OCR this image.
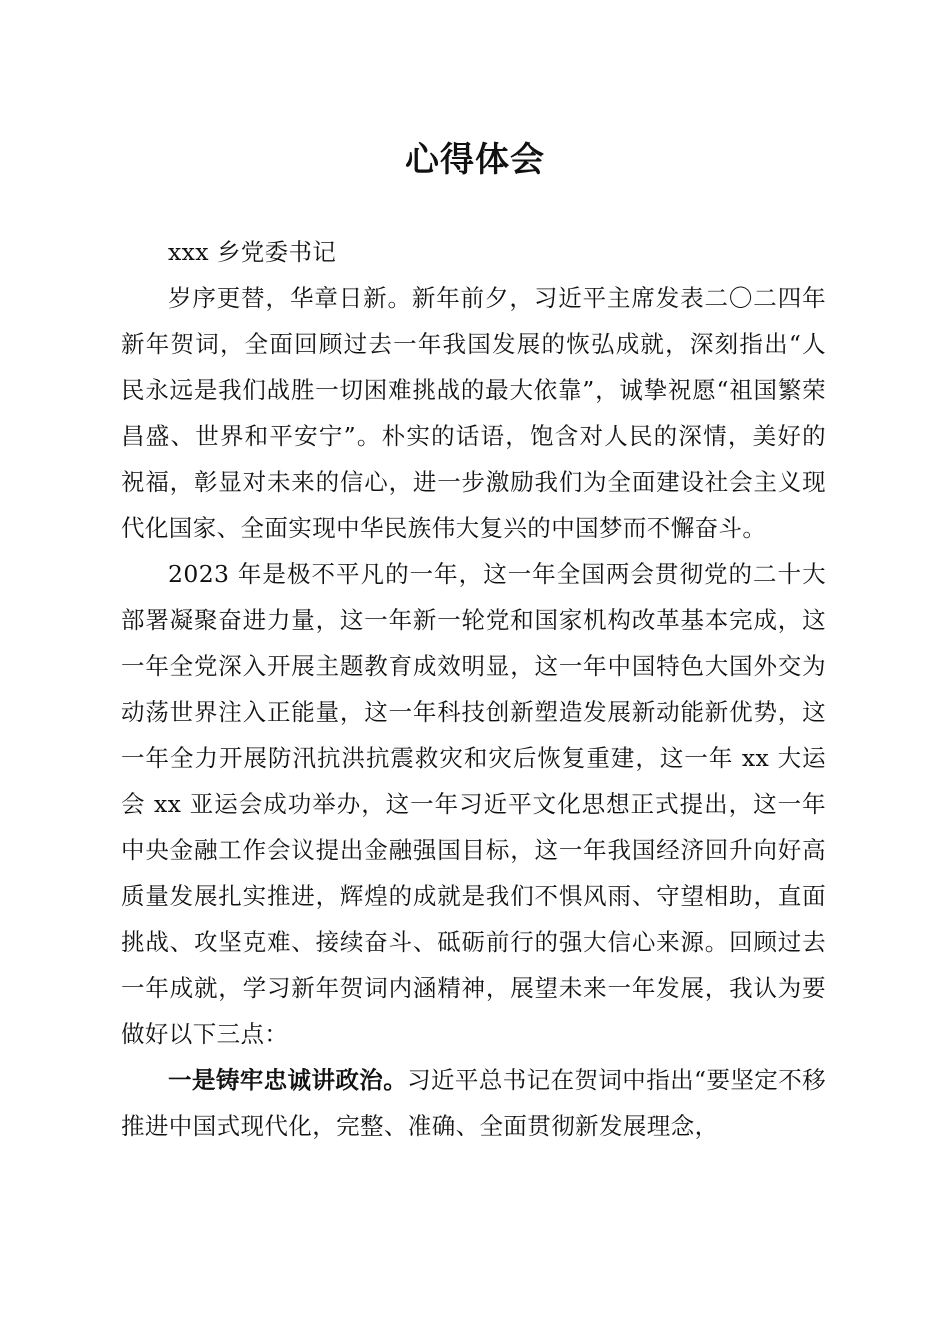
心得体会

xxx 乡党委书记

岁序更替，华章日新。新年前夕，习近平主席发表二〇二四年新年贺词，全面回顾过去一年我国发展的恢弘成就，深刻指出“人民永远是我们战胜一切困难挑战的最大依靠”，诚挚祝愿“祖国繁荣昌盛、世界和平安宁”。朴实的话语，饱含对人民的深情，美好的祝福，彰显对未来的信心，进一步激励我们为全面建设社会主义现代化国家、全面实现中华民族伟大复兴的中国梦而不懈奋斗。

2023 年是极不平凡的一年，这一年全国两会贯彻党的二十大部署凝聚奋进力量，这一年新一轮党和国家机构改革基本完成，这一年全党深入开展主题教育成效明显，这一年中国特色大国外交为动荡世界注入正能量，这一年科技创新塑造发展新动能新优势，这一年全力开展防汛抗洪抗震救灾和灾后恢复重建，这一年 xx 大运会 xx 亚运会成功举办，这一年习近平文化思想正式提出，这一年中央金融工作会议提出金融强国目标，这一年我国经济回升向好高质量发展扎实推进，辉煌的成就是我们不惧风雨、守望相助，直面挑战、攻坚克难、接续奋斗、砥砺前行的强大信心来源。回顾过去一年成就，学习新年贺词内涵精神，展望未来一年发展，我认为要做好以下三点：

一是铸牢忠诚讲政治。习近平总书记在贺词中指出“要坚定不移推进中国式现代化，完整、准确、全面贯彻新发展理念，
